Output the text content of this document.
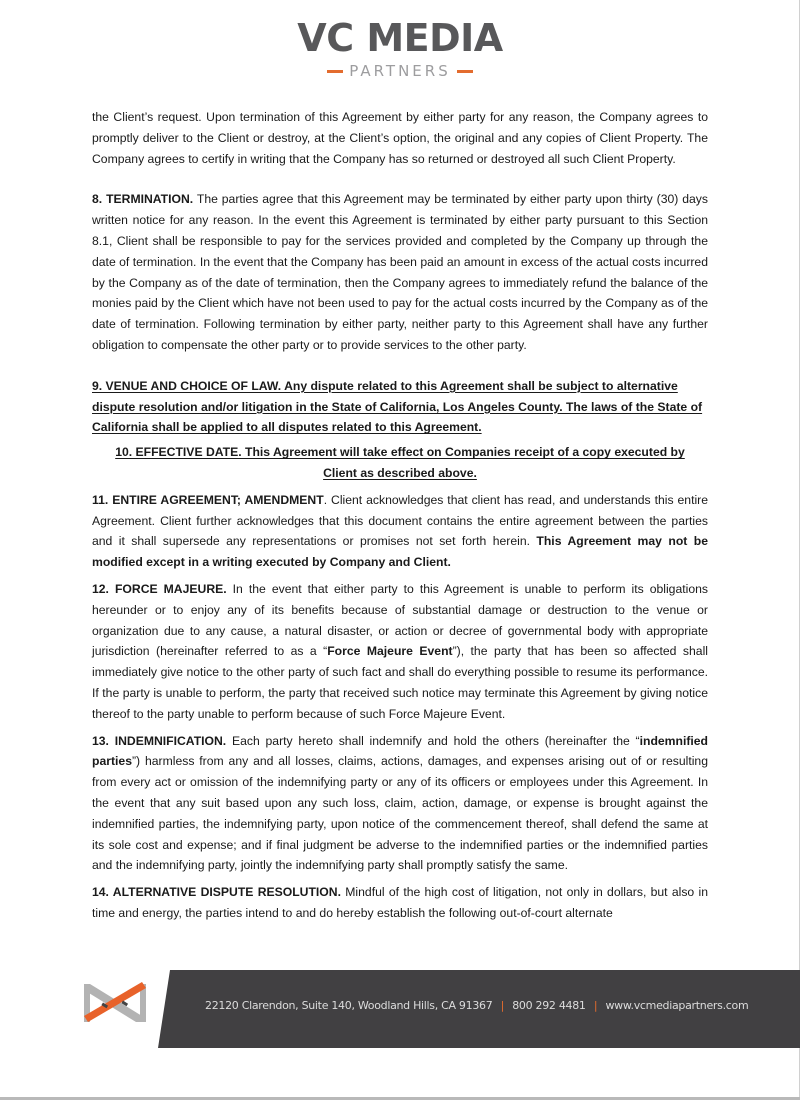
VC MEDIA
PARTNERS

the Client’s request. Upon termination of this Agreement by either party for any reason, the Company agrees to promptly deliver to the Client or destroy, at the Client’s option, the original and any copies of Client Property. The Company agrees to certify in writing that the Company has so returned or destroyed all such Client Property.

8. TERMINATION. The parties agree that this Agreement may be terminated by either party upon thirty (30) days written notice for any reason. In the event this Agreement is terminated by either party pursuant to this Section 8.1, Client shall be responsible to pay for the services provided and completed by the Company up through the date of termination. In the event that the Company has been paid an amount in excess of the actual costs incurred by the Company as of the date of termination, then the Company agrees to immediately refund the balance of the monies paid by the Client which have not been used to pay for the actual costs incurred by the Company as of the date of termination. Following termination by either party, neither party to this Agreement shall have any further obligation to compensate the other party or to provide services to the other party.

9. VENUE AND CHOICE OF LAW. Any dispute related to this Agreement shall be subject to alternative dispute resolution and/or litigation in the State of California, Los Angeles County. The laws of the State of California shall be applied to all disputes related to this Agreement.

10. EFFECTIVE DATE. This Agreement will take effect on Companies receipt of a copy executed by Client as described above.

11. ENTIRE AGREEMENT; AMENDMENT. Client acknowledges that client has read, and understands this entire Agreement. Client further acknowledges that this document contains the entire agreement between the parties and it shall supersede any representations or promises not set forth herein. This Agreement may not be modified except in a writing executed by Company and Client.

12. FORCE MAJEURE. In the event that either party to this Agreement is unable to perform its obligations hereunder or to enjoy any of its benefits because of substantial damage or destruction to the venue or organization due to any cause, a natural disaster, or action or decree of governmental body with appropriate jurisdiction (hereinafter referred to as a “Force Majeure Event”), the party that has been so affected shall immediately give notice to the other party of such fact and shall do everything possible to resume its performance. If the party is unable to perform, the party that received such notice may terminate this Agreement by giving notice thereof to the party unable to perform because of such Force Majeure Event.

13. INDEMNIFICATION. Each party hereto shall indemnify and hold the others (hereinafter the “indemnified parties”) harmless from any and all losses, claims, actions, damages, and expenses arising out of or resulting from every act or omission of the indemnifying party or any of its officers or employees under this Agreement. In the event that any suit based upon any such loss, claim, action, damage, or expense is brought against the indemnified parties, the indemnifying party, upon notice of the commencement thereof, shall defend the same at its sole cost and expense; and if final judgment be adverse to the indemnified parties or the indemnified parties and the indemnifying party, jointly the indemnifying party shall promptly satisfy the same.

14. ALTERNATIVE DISPUTE RESOLUTION. Mindful of the high cost of litigation, not only in dollars, but also in time and energy, the parties intend to and do hereby establish the following out-of-court alternate

22120 Clarendon, Suite 140, Woodland Hills, CA 91367 | 800 292 4481 | www.vcmediapartners.com
